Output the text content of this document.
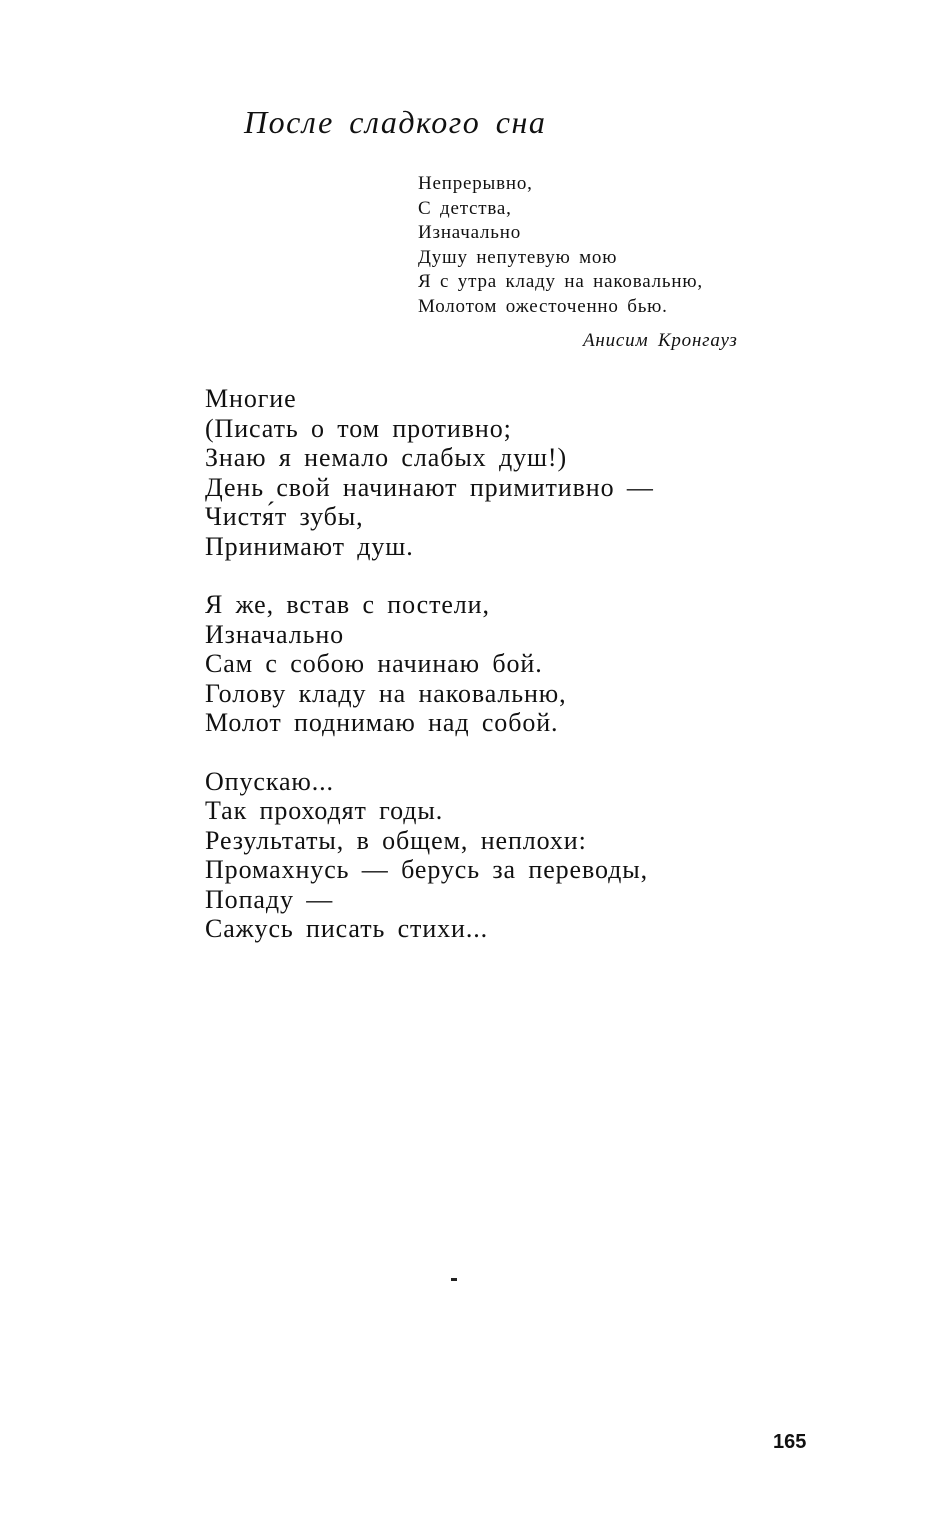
После сладкого сна
Непрерывно,
С детства,
Изначально
Душу непутевую мою
Я с утра кладу на наковальню,
Молотом ожесточенно бью.
Анисим Кронгауз
Многие
(Писать о том противно;
Знаю я немало слабых душ!)
День свой начинают примитивно —
Чистя́т зубы,
Принимают душ.
Я же, встав с постели,
Изначально
Сам с собою начинаю бой.
Голову кладу на наковальню,
Молот поднимаю над собой.
Опускаю...
Так проходят годы.
Результаты, в общем, неплохи:
Промахнусь — берусь за переводы,
Попаду —
Сажусь писать стихи...
165
